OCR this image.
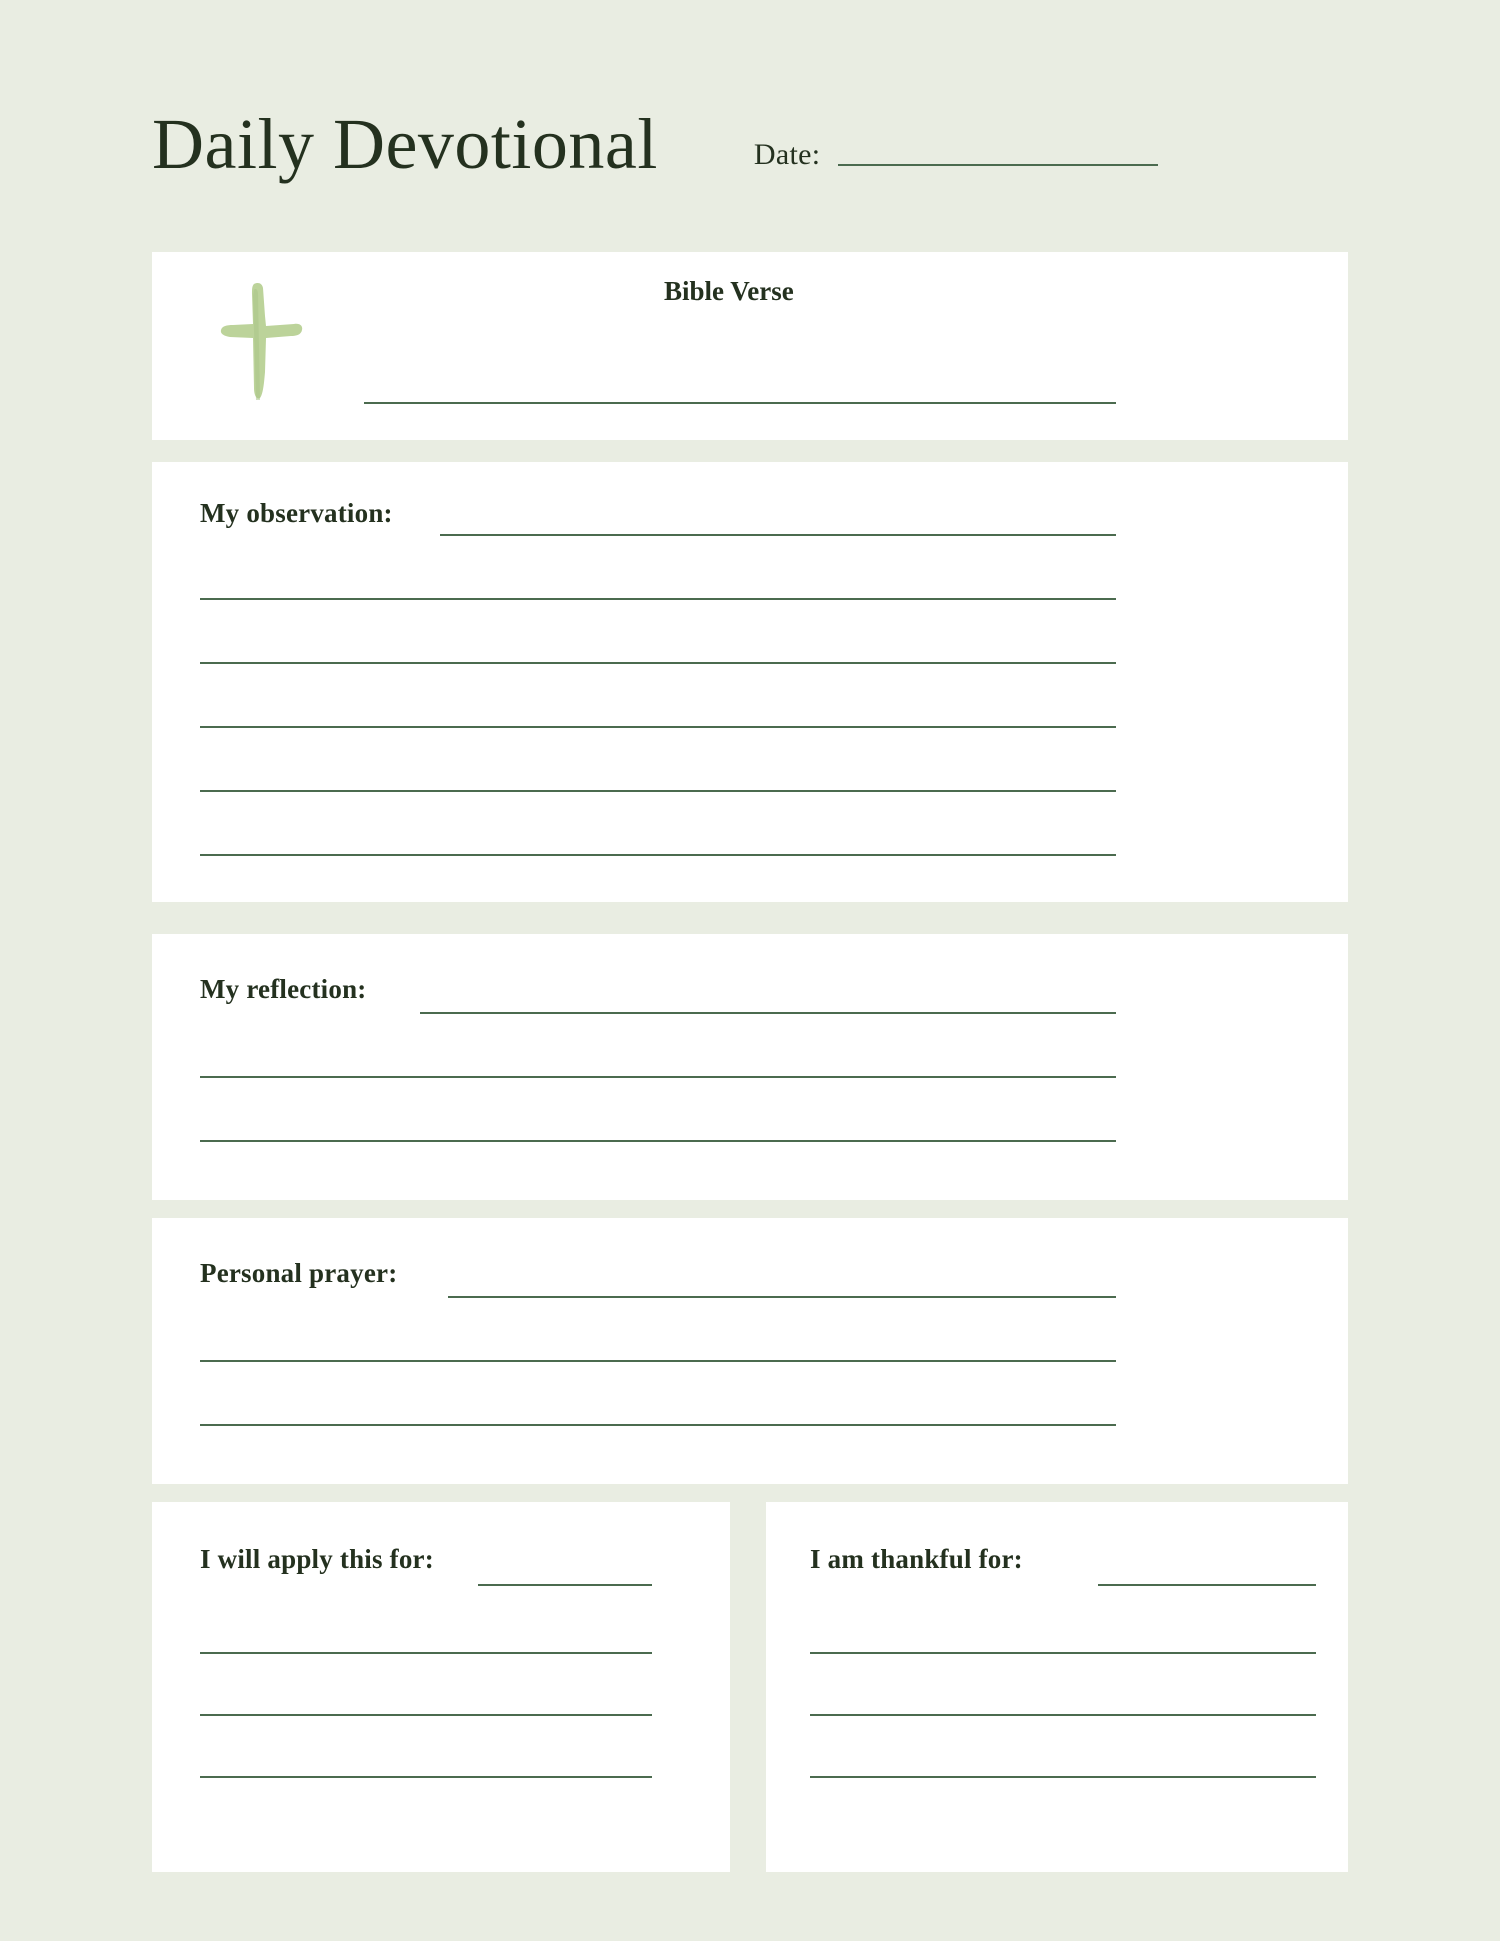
Daily Devotional	Date:
Bible Verse
My observation:
My reflection:
Personal prayer:
I will apply this for:	I am thankful for:
